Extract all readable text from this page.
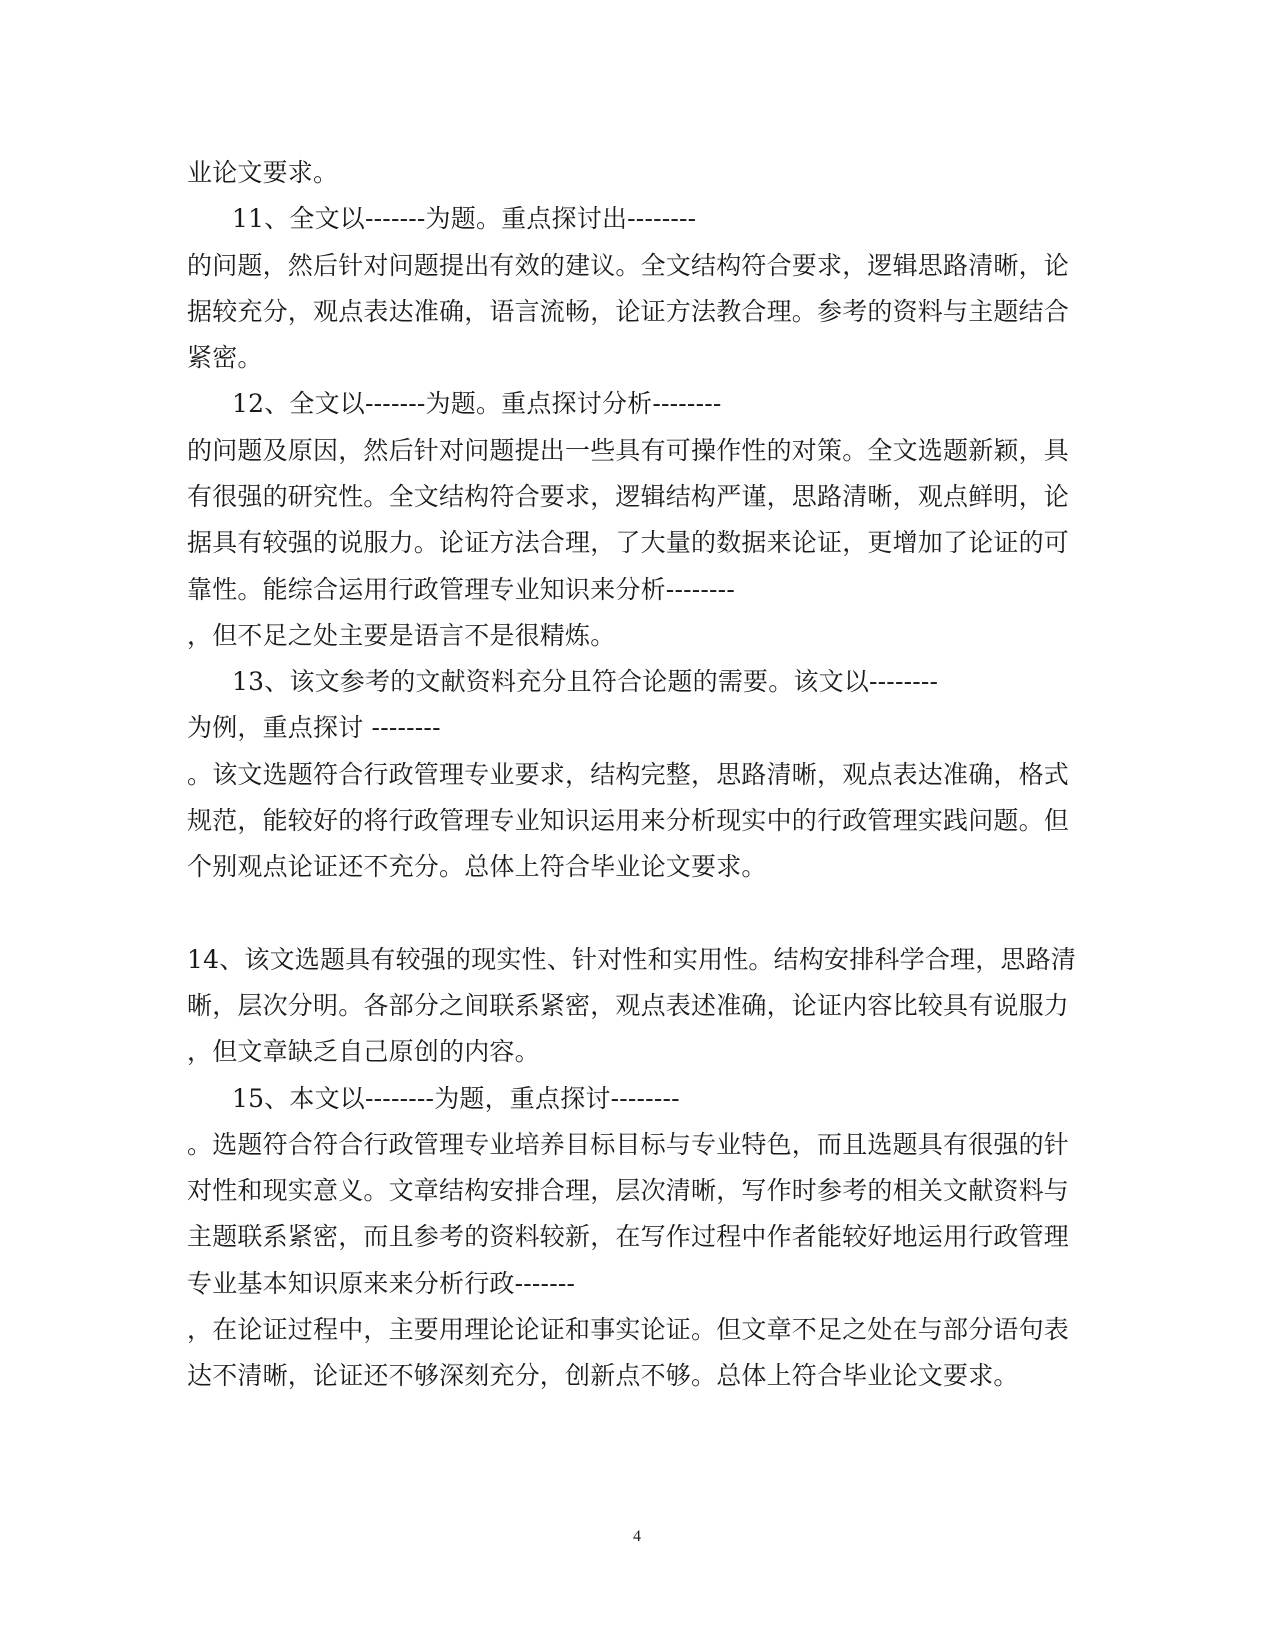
业论文要求。
11、全文以-------为题。重点探讨出--------
的问题，然后针对问题提出有效的建议。全文结构符合要求，逻辑思路清晰，论
据较充分，观点表达准确，语言流畅，论证方法教合理。参考的资料与主题结合
紧密。
12、全文以-------为题。重点探讨分析--------
的问题及原因，然后针对问题提出一些具有可操作性的对策。全文选题新颖，具
有很强的研究性。全文结构符合要求，逻辑结构严谨，思路清晰，观点鲜明，论
据具有较强的说服力。论证方法合理，了大量的数据来论证，更增加了论证的可
靠性。能综合运用行政管理专业知识来分析--------
，但不足之处主要是语言不是很精炼。
13、该文参考的文献资料充分且符合论题的需要。该文以--------
为例，重点探讨 --------
。该文选题符合行政管理专业要求，结构完整，思路清晰，观点表达准确，格式
规范，能较好的将行政管理专业知识运用来分析现实中的行政管理实践问题。但
个别观点论证还不充分。总体上符合毕业论文要求。
14、该文选题具有较强的现实性、针对性和实用性。结构安排科学合理，思路清
晰，层次分明。各部分之间联系紧密，观点表述准确，论证内容比较具有说服力
，但文章缺乏自己原创的内容。
15、本文以--------为题，重点探讨--------
。选题符合符合行政管理专业培养目标目标与专业特色，而且选题具有很强的针
对性和现实意义。文章结构安排合理，层次清晰，写作时参考的相关文献资料与
主题联系紧密，而且参考的资料较新，在写作过程中作者能较好地运用行政管理
专业基本知识原来来分析行政-------
，在论证过程中，主要用理论论证和事实论证。但文章不足之处在与部分语句表
达不清晰，论证还不够深刻充分，创新点不够。总体上符合毕业论文要求。
4
